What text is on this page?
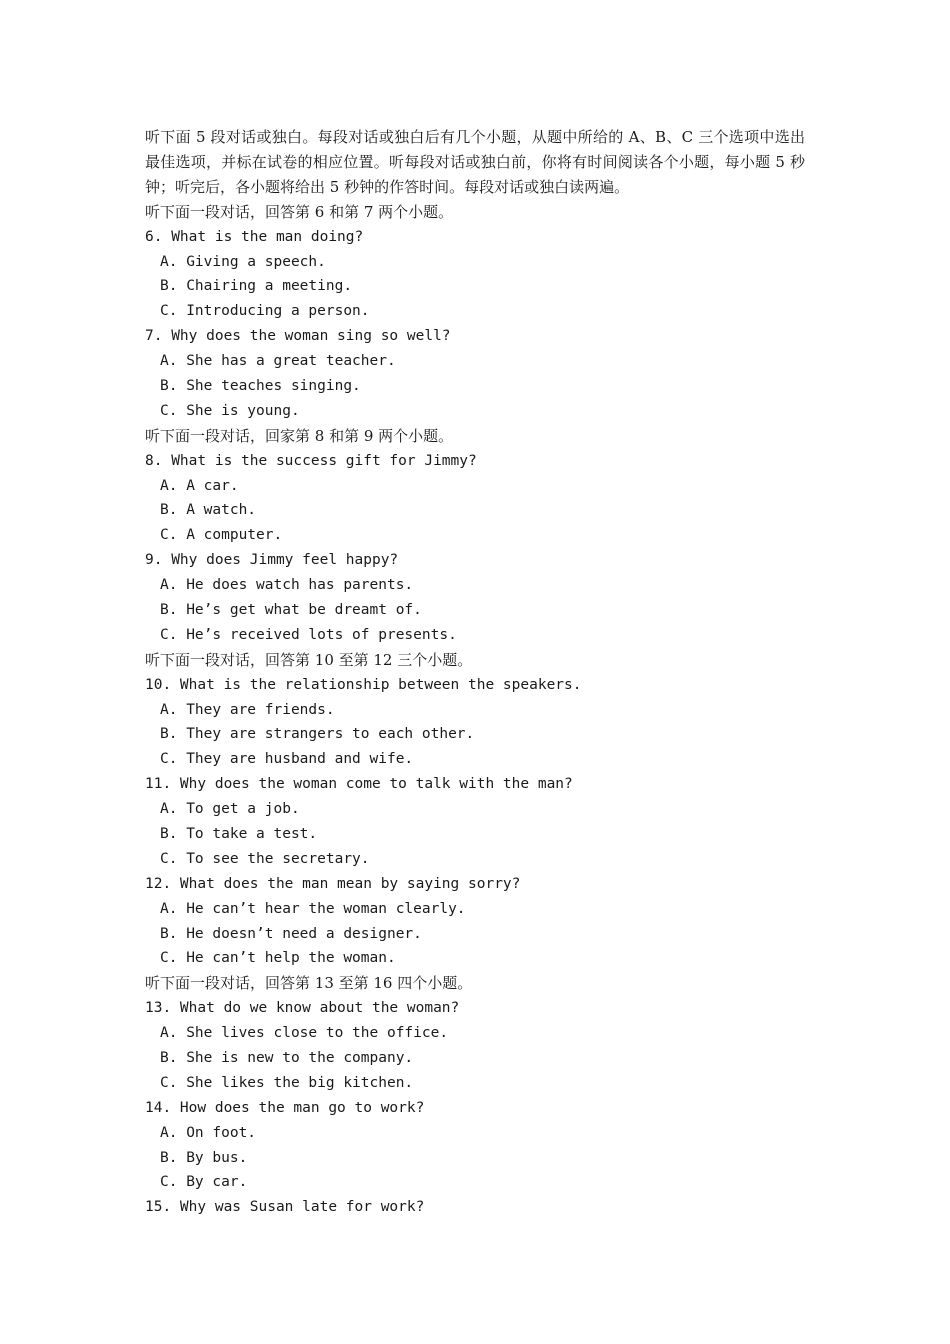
听下面 5 段对话或独白。每段对话或独白后有几个小题，从题中所给的 A、B、C 三个选项中选出最佳选项，并标在试卷的相应位置。听每段对话或独白前，你将有时间阅读各个小题，每小题 5 秒钟；听完后，各小题将给出 5 秒钟的作答时间。每段对话或独白读两遍。
听下面一段对话，回答第 6 和第 7 两个小题。
6. What is the man doing?
A. Giving a speech.
B. Chairing a meeting.
C. Introducing a person.
7. Why does the woman sing so well?
A. She has a great teacher.
B. She teaches singing.
C. She is young.
听下面一段对话，回家第 8 和第 9 两个小题。
8. What is the success gift for Jimmy?
A. A car.
B. A watch.
C. A computer.
9. Why does Jimmy feel happy?
A. He does watch has parents.
B. He’s get what be dreamt of.
C. He’s received lots of presents.
听下面一段对话，回答第 10 至第 12 三个小题。
10. What is the relationship between the speakers.
A. They are friends.
B. They are strangers to each other.
C. They are husband and wife.
11. Why does the woman come to talk with the man?
A. To get a job.
B. To take a test.
C. To see the secretary.
12. What does the man mean by saying sorry?
A. He can’t hear the woman clearly.
B. He doesn’t need a designer.
C. He can’t help the woman.
听下面一段对话，回答第 13 至第 16 四个小题。
13. What do we know about the woman?
A. She lives close to the office.
B. She is new to the company.
C. She likes the big kitchen.
14. How does the man go to work?
A. On foot.
B. By bus.
C. By car.
15. Why was Susan late for work?
